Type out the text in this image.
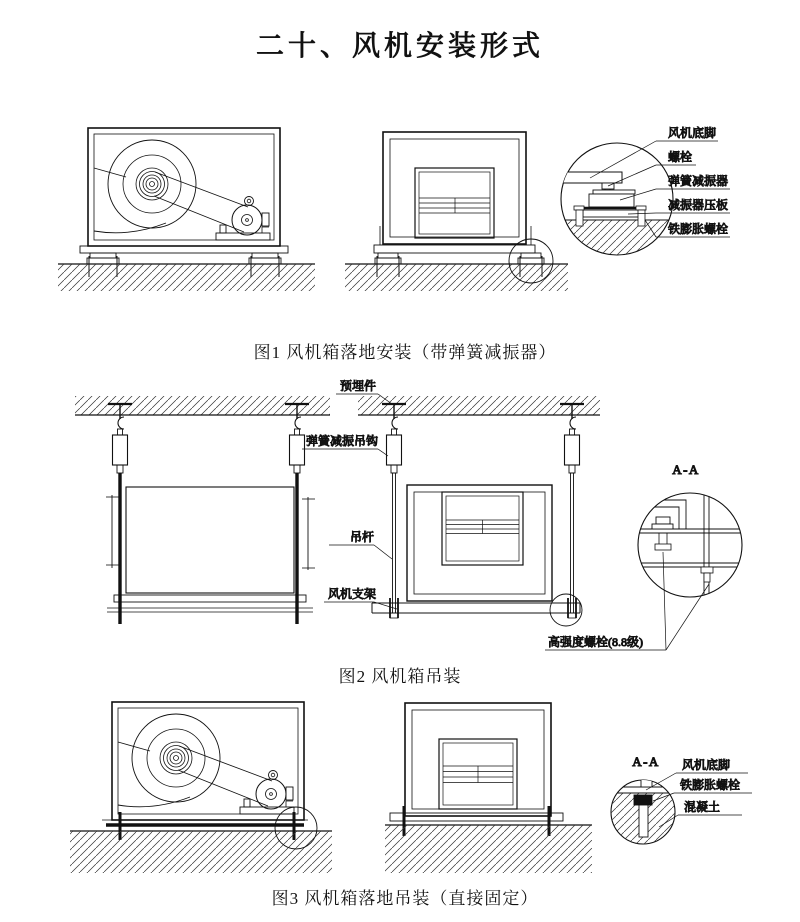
二十、风机安装形式
风机底脚
螺栓
弹簧减振器
减振器压板
铁膨胀螺栓
预埋件
弹簧减振吊钩
吊杆
风机支架
A-A
高强度螺栓(8.8级)
A-A 风机底脚
铁膨胀螺栓
混凝土
图1 风机箱落地安装（带弹簧减振器）
图2 风机箱吊装
图3 风机箱落地吊装（直接固定）
